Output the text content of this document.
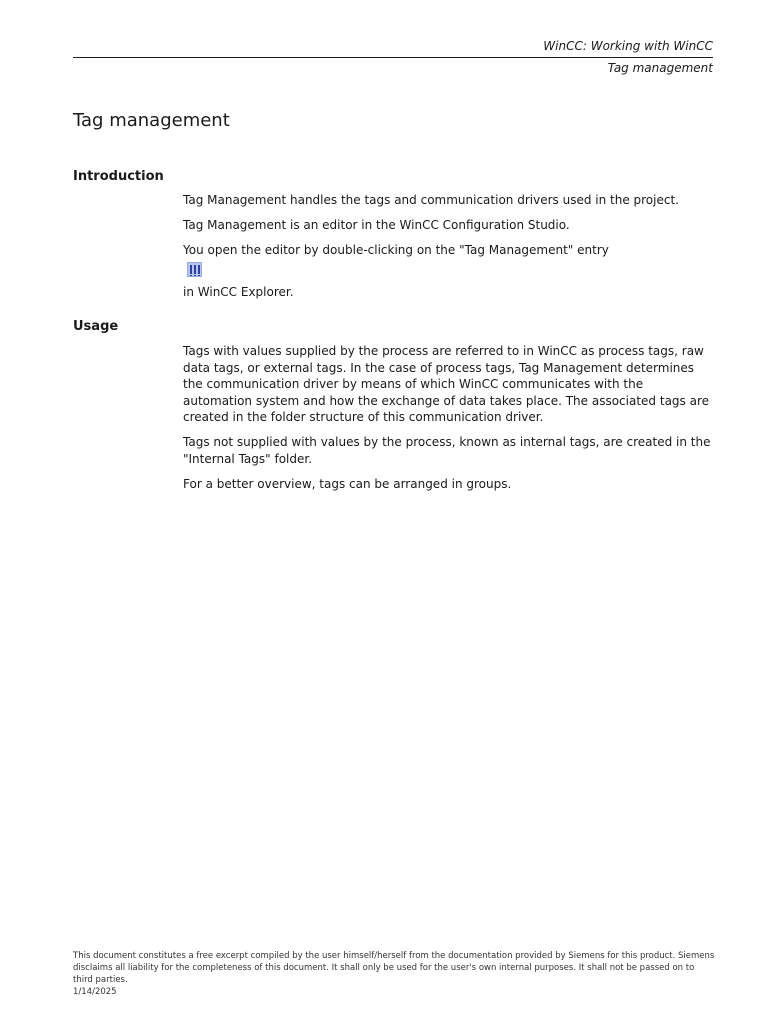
WinCC: Working with WinCC
Tag management
Tag management
Introduction

Tag Management handles the tags and communication drivers used in the project.

Tag Management is an editor in the WinCC Configuration Studio.

You open the editor by double-clicking on the "Tag Management" entry

in WinCC Explorer.

Usage

Tags with values supplied by the process are referred to in WinCC as process tags, raw data tags, or external tags. In the case of process tags, Tag Management determines the communication driver by means of which WinCC communicates with the automation system and how the exchange of data takes place. The associated tags are created in the folder structure of this communication driver.

Tags not supplied with values by the process, known as internal tags, are created in the "Internal Tags" folder.

For a better overview, tags can be arranged in groups.

This document constitutes a free excerpt compiled by the user himself/herself from the documentation provided by Siemens for this product. Siemens disclaims all liability for the completeness of this document. It shall only be used for the user's own internal purposes. It shall not be passed on to third parties.

1/14/2025
